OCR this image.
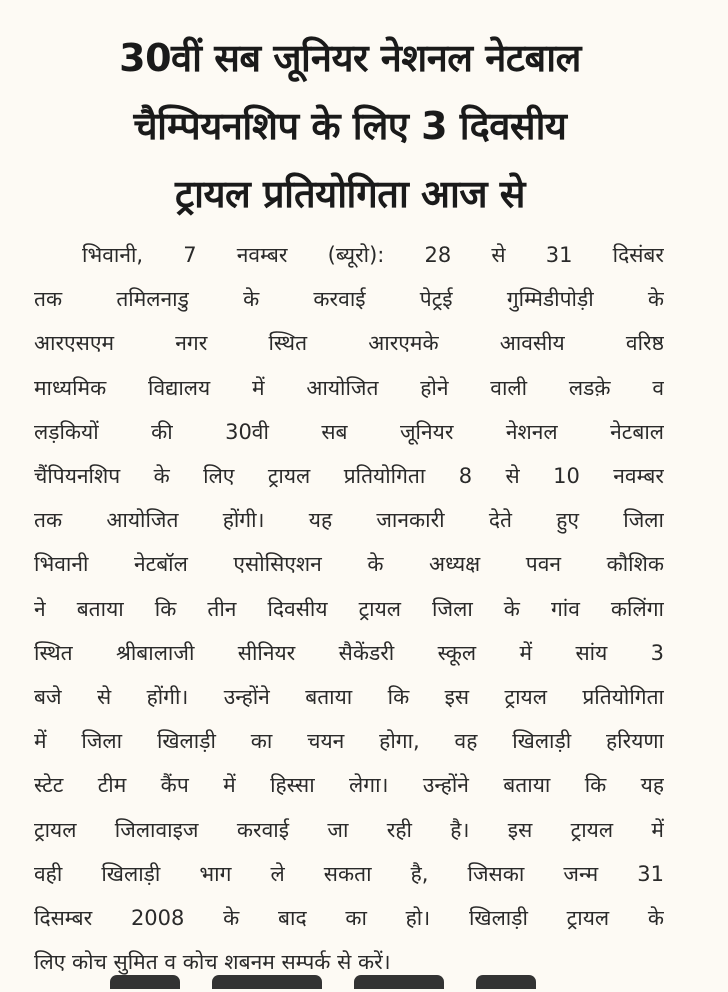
30वीं सब जूनियर नेशनल नेटबाल
चैम्पियनशिप के लिए 3 दिवसीय
ट्रायल प्रतियोगिता आज से
भिवानी, 7 नवम्बर (ब्यूरो): 28 से 31 दिसंबर
तक तमिलनाडु के करवाई पेट्रई गुम्मिडीपोड़ी के
आरएसएम नगर स्थित आरएमके आवसीय वरिष्ठ
माध्यमिक विद्यालय में आयोजित होने वाली लडक़े व
लड़कियों की 30वी सब जूनियर नेशनल नेटबाल
चैंपियनशिप के लिए ट्रायल प्रतियोगिता 8 से 10 नवम्बर
तक आयोजित होंगी। यह जानकारी देते हुए जिला
भिवानी नेटबॉल एसोसिएशन के अध्यक्ष पवन कौशिक
ने बताया कि तीन दिवसीय ट्रायल जिला के गांव कलिंगा
स्थित श्रीबालाजी सीनियर सैकेंडरी स्कूल में सांय 3
बजे से होंगी। उन्होंने बताया कि इस ट्रायल प्रतियोगिता
में जिला खिलाड़ी का चयन होगा, वह खिलाड़ी हरियणा
स्टेट टीम कैंप में हिस्सा लेगा। उन्होंने बताया कि यह
ट्रायल जिलावाइज करवाई जा रही है। इस ट्रायल में
वही खिलाड़ी भाग ले सकता है, जिसका जन्म 31
दिसम्बर 2008 के बाद का हो। खिलाड़ी ट्रायल के
लिए कोच सुमित व कोच शबनम सम्पर्क से करें।
